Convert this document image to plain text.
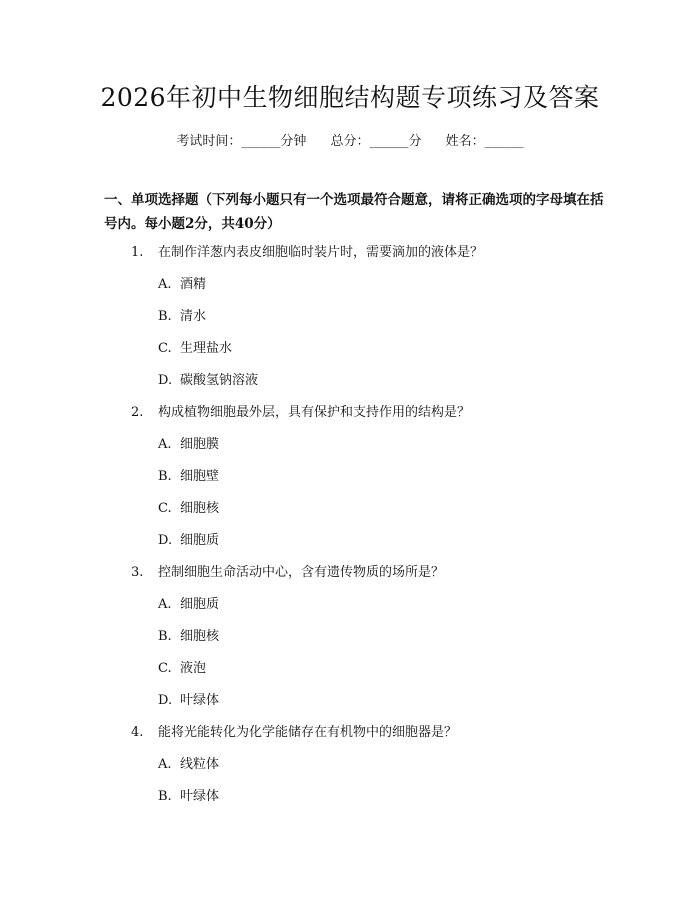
2026年初中生物细胞结构题专项练习及答案
考试时间：______分钟 总分：______分 姓名：______

一、单项选择题（下列每小题只有一个选项最符合题意，请将正确选项的字母填在括号内。每小题2分，共40分）

1. 在制作洋葱内表皮细胞临时装片时，需要滴加的液体是？
A. 酒精
B. 清水
C. 生理盐水
D. 碳酸氢钠溶液
2. 构成植物细胞最外层，具有保护和支持作用的结构是？
A. 细胞膜
B. 细胞壁
C. 细胞核
D. 细胞质
3. 控制细胞生命活动中心，含有遗传物质的场所是？
A. 细胞质
B. 细胞核
C. 液泡
D. 叶绿体
4. 能将光能转化为化学能储存在有机物中的细胞器是？
A. 线粒体
B. 叶绿体
